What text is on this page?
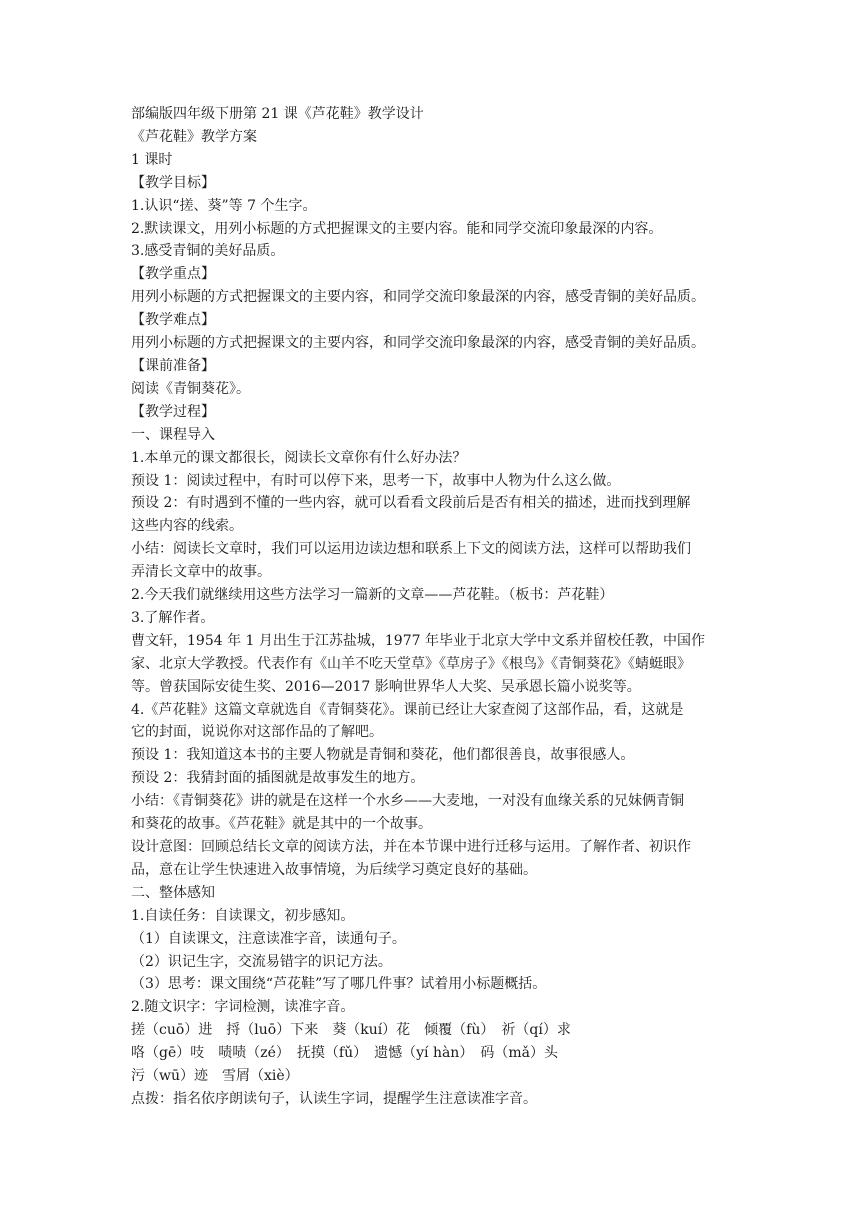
部编版四年级下册第 21 课《芦花鞋》教学设计
《芦花鞋》教学方案
1 课时
【教学目标】
1.认识“搓、葵”等 7 个生字。
2.默读课文，用列小标题的方式把握课文的主要内容。能和同学交流印象最深的内容。
3.感受青铜的美好品质。
【教学重点】
用列小标题的方式把握课文的主要内容，和同学交流印象最深的内容，感受青铜的美好品质。
【教学难点】
用列小标题的方式把握课文的主要内容，和同学交流印象最深的内容，感受青铜的美好品质。
【课前准备】
阅读《青铜葵花》。
【教学过程】
一、课程导入
1.本单元的课文都很长，阅读长文章你有什么好办法？
预设 1：阅读过程中，有时可以停下来，思考一下，故事中人物为什么这么做。
预设 2：有时遇到不懂的一些内容，就可以看看文段前后是否有相关的描述，进而找到理解
这些内容的线索。
小结：阅读长文章时，我们可以运用边读边想和联系上下文的阅读方法，这样可以帮助我们
弄清长文章中的故事。
2.今天我们就继续用这些方法学习一篇新的文章——芦花鞋。（板书：芦花鞋）
3.了解作者。
曹文轩，1954 年 1 月出生于江苏盐城，1977 年毕业于北京大学中文系并留校任教，中国作
家、北京大学教授。代表作有《山羊不吃天堂草》《草房子》《根鸟》《青铜葵花》《蜻蜓眼》
等。曾获国际安徒生奖、2016—2017 影响世界华人大奖、吴承恩长篇小说奖等。
4.《芦花鞋》这篇文章就选自《青铜葵花》。课前已经让大家查阅了这部作品，看，这就是
它的封面，说说你对这部作品的了解吧。
预设 1：我知道这本书的主要人物就是青铜和葵花，他们都很善良，故事很感人。
预设 2：我猜封面的插图就是故事发生的地方。
小结：《青铜葵花》讲的就是在这样一个水乡——大麦地，一对没有血缘关系的兄妹俩青铜
和葵花的故事。《芦花鞋》就是其中的一个故事。
设计意图：回顾总结长文章的阅读方法，并在本节课中进行迁移与运用。了解作者、初识作
品，意在让学生快速进入故事情境，为后续学习奠定良好的基础。
二、整体感知
1.自读任务：自读课文，初步感知。
（1）自读课文，注意读准字音，读通句子。
（2）识记生字，交流易错字的识记方法。
（3）思考：课文围绕“芦花鞋”写了哪几件事？试着用小标题概括。
2.随文识字：字词检测，读准字音。
搓（cuō）进　捋（luō）下来　葵（kuí）花　倾覆（fù）　祈（qí）求
咯（gē）吱　啧啧（zé）　抚摸（fǔ）　遗憾（yí hàn）　码（mǎ）头
污（wū）迹　雪屑（xiè）
点拨：指名依序朗读句子，认读生字词，提醒学生注意读准字音。
